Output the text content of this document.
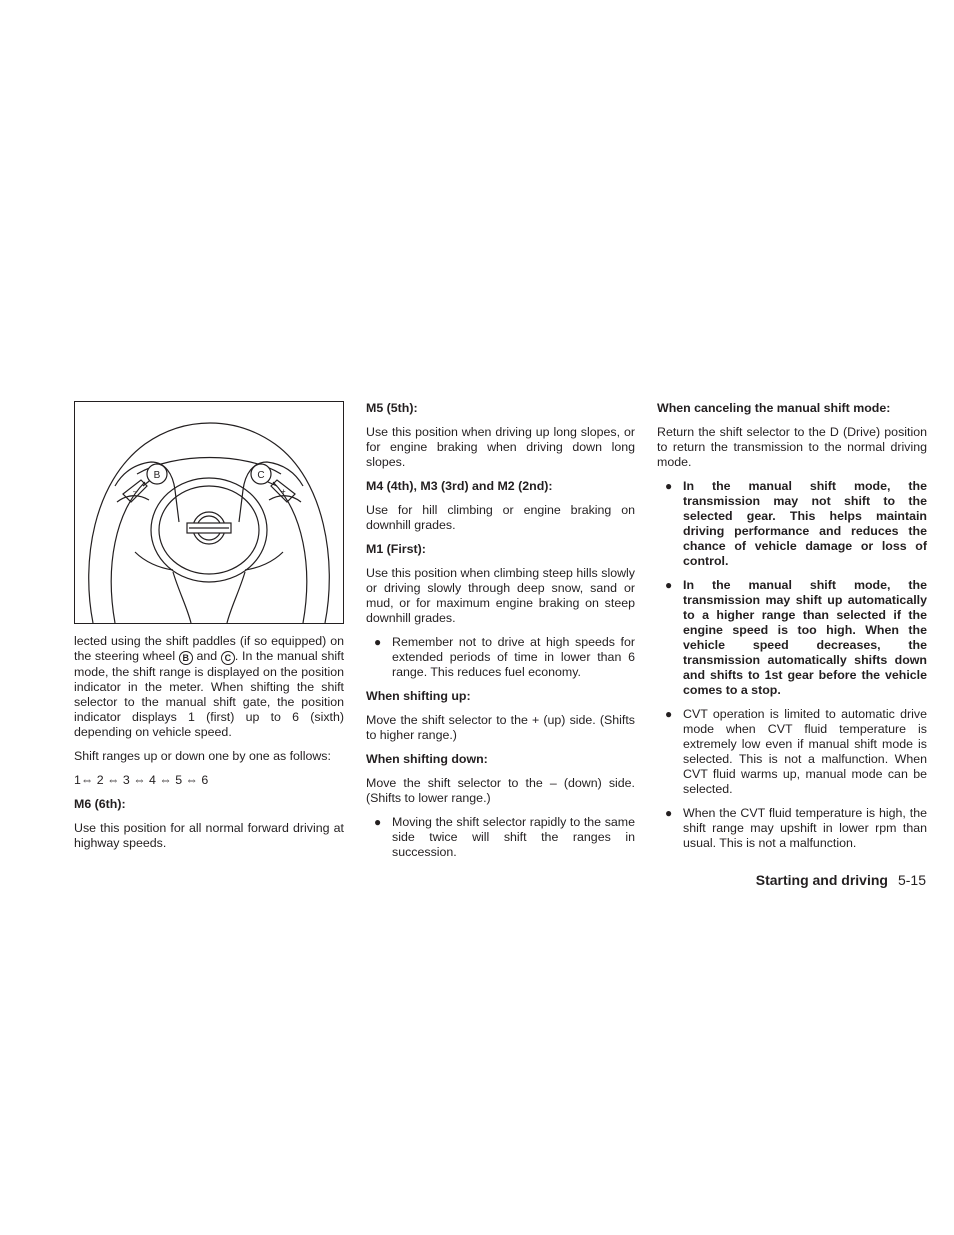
B	C
–	+

lected using the shift paddles (if so equipped) on the steering wheel B and C . In the manual shift mode, the shift range is displayed on the position indicator in the meter. When shifting the shift selector to the manual shift gate, the position indicator displays 1 (first) up to 6 (sixth) depending on vehicle speed.

Shift ranges up or down one by one as follows:

1⇔ 2 ⇔ 3 ⇔ 4 ⇔ 5 ⇔ 6

M6 (6th):

Use this position for all normal forward driving at highway speeds.

M5 (5th):

Use this position when driving up long slopes, or for engine braking when driving down long slopes.

M4 (4th), M3 (3rd) and M2 (2nd):

Use for hill climbing or engine braking on downhill grades.

M1 (First):

Use this position when climbing steep hills slowly or driving slowly through deep snow, sand or mud, or for maximum engine braking on steep downhill grades.

● Remember not to drive at high speeds for extended periods of time in lower than 6 range. This reduces fuel economy.
When shifting up:

Move the shift selector to the + (up) side. (Shifts to higher range.)

When shifting down:

Move the shift selector to the – (down) side. (Shifts to lower range.)

● Moving the shift selector rapidly to the same side twice will shift the ranges in succession.
When canceling the manual shift mode:

Return the shift selector to the D (Drive) position to return the transmission to the normal driving mode.

● In the manual shift mode, the transmission may not shift to the selected gear. This helps maintain driving performance and reduces the chance of vehicle damage or loss of control.
● In the manual shift mode, the transmission may shift up automatically to a higher range than selected if the engine speed is too high. When the vehicle speed decreases, the transmission automatically shifts down and shifts to 1st gear before the vehicle comes to a stop.
● CVT operation is limited to automatic drive mode when CVT fluid temperature is extremely low even if manual shift mode is selected. This is not a malfunction. When CVT fluid warms up, manual mode can be selected.
● When the CVT fluid temperature is high, the shift range may upshift in lower rpm than usual. This is not a malfunction.
Starting and driving 5-15
